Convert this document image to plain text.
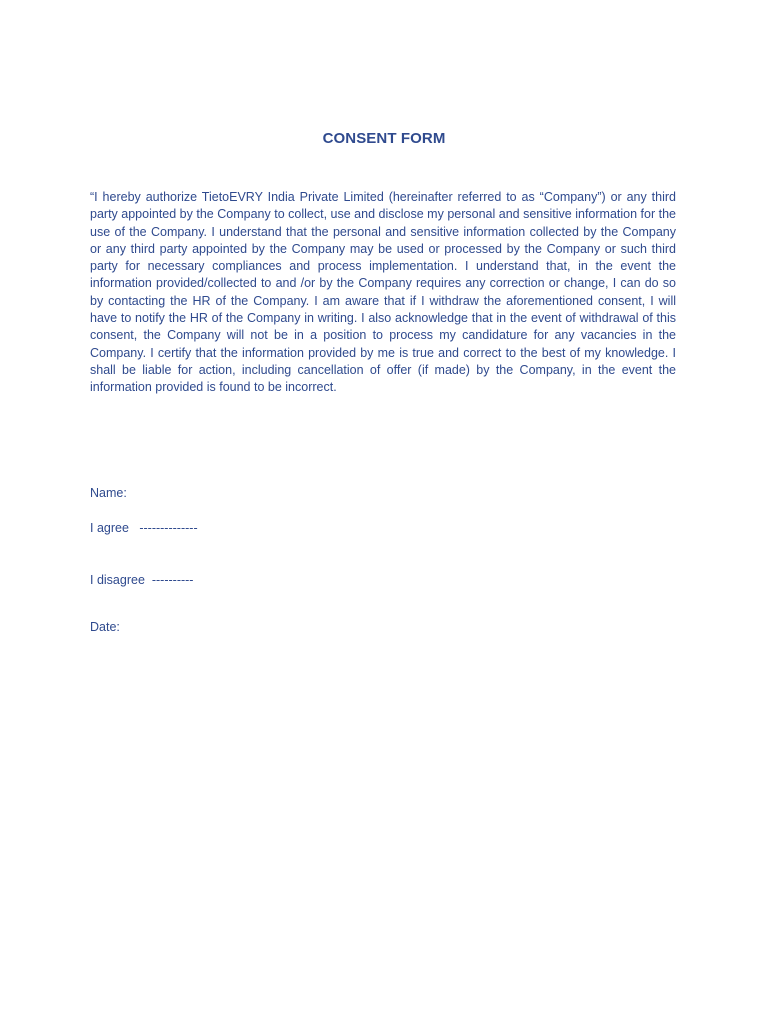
CONSENT FORM

“I hereby authorize TietoEVRY India Private Limited (hereinafter referred to as “Company”) or any third party appointed by the Company to collect, use and disclose my personal and sensitive information for the use of the Company. I understand that the personal and sensitive information collected by the Company or any third party appointed by the Company may be used or processed by the Company or such third party for necessary compliances and process implementation. I understand that, in the event the information provided/collected to and /or by the Company requires any correction or change, I can do so by contacting the HR of the Company. I am aware that if I withdraw the aforementioned consent, I will have to notify the HR of the Company in writing. I also acknowledge that in the event of withdrawal of this consent, the Company will not be in a position to process my candidature for any vacancies in the Company. I certify that the information provided by me is true and correct to the best of my knowledge. I shall be liable for action, including cancellation of offer (if made) by the Company, in the event the information provided is found to be incorrect.

Name:

I agree   --------------

I disagree  ----------

Date:
